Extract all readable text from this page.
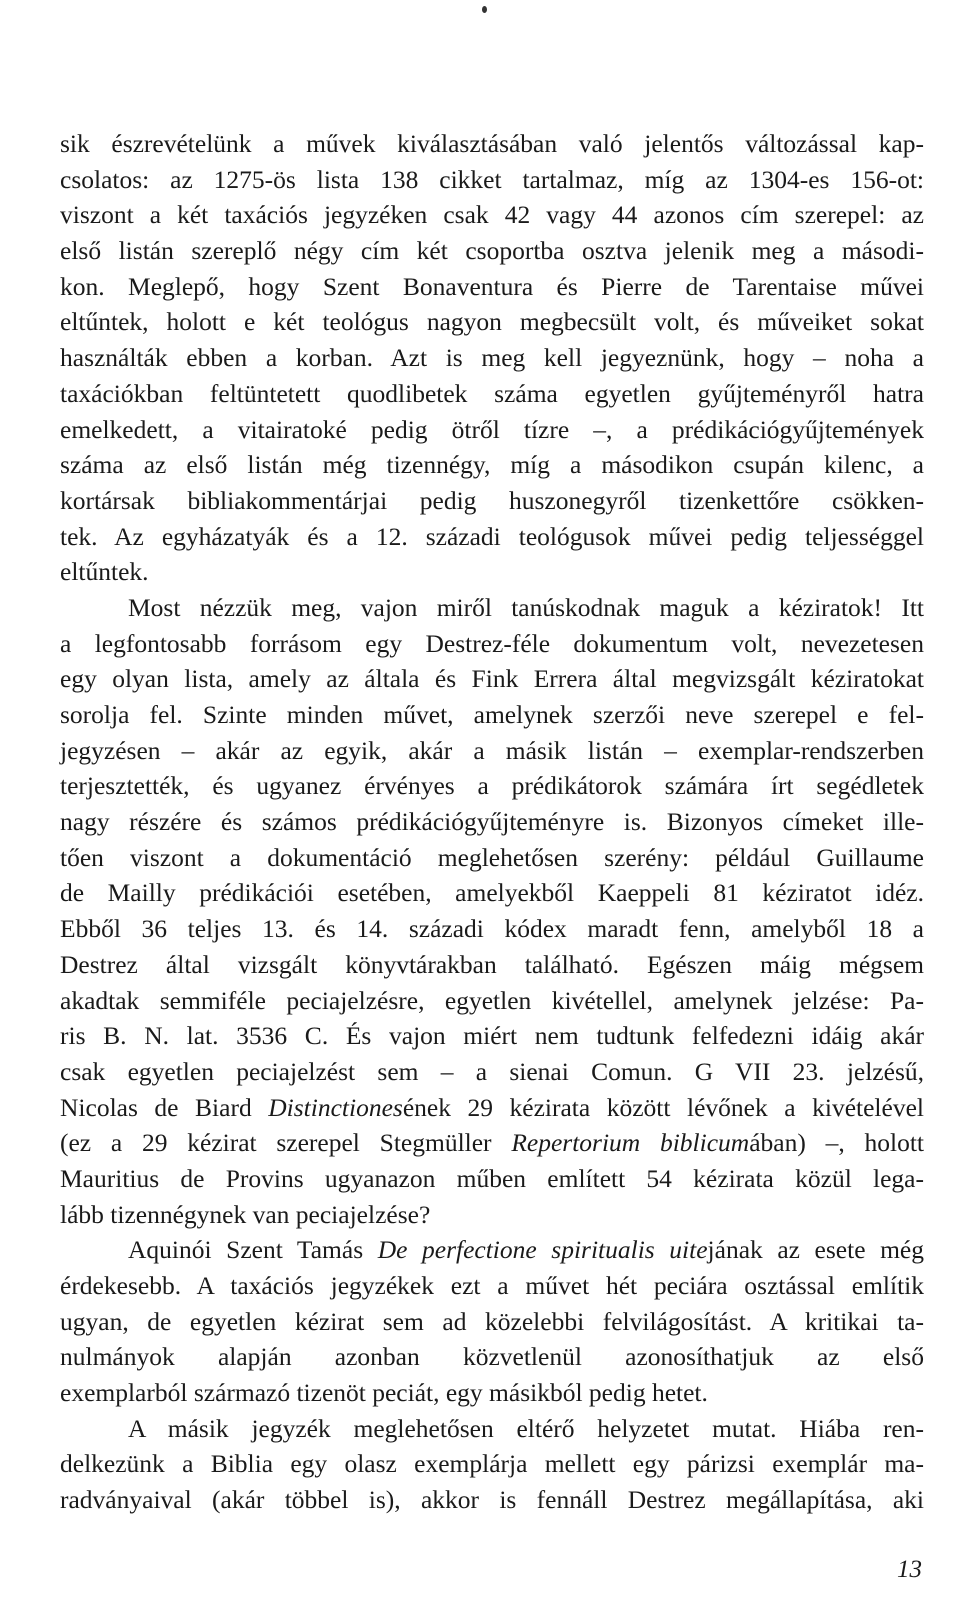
sik észrevételünk a művek kiválasztásában való jelentős változással kap-
csolatos: az 1275-ös lista 138 cikket tartalmaz, míg az 1304-es 156-ot:
viszont a két taxációs jegyzéken csak 42 vagy 44 azonos cím szerepel: az
első listán szereplő négy cím két csoportba osztva jelenik meg a másodi-
kon. Meglepő, hogy Szent Bonaventura és Pierre de Tarentaise művei
eltűntek, holott e két teológus nagyon megbecsült volt, és műveiket sokat
használták ebben a korban. Azt is meg kell jegyeznünk, hogy – noha a
taxációkban feltüntetett quodlibetek száma egyetlen gyűjteményről hatra
emelkedett, a vitairatoké pedig ötről tízre –, a prédikációgyűjtemények
száma az első listán még tizennégy, míg a másodikon csupán kilenc, a
kortársak bibliakommentárjai pedig huszonegyről tizenkettőre csökken-
tek. Az egyházatyák és a 12. századi teológusok művei pedig teljességgel
eltűntek.
Most nézzük meg, vajon miről tanúskodnak maguk a kéziratok! Itt
a legfontosabb forrásom egy Destrez-féle dokumentum volt, nevezetesen
egy olyan lista, amely az általa és Fink Errera által megvizsgált kéziratokat
sorolja fel. Szinte minden művet, amelynek szerzői neve szerepel e fel-
jegyzésen – akár az egyik, akár a másik listán – exemplar-rendszerben
terjesztették, és ugyanez érvényes a prédikátorok számára írt segédletek
nagy részére és számos prédikációgyűjteményre is. Bizonyos címeket ille-
tően viszont a dokumentáció meglehetősen szerény: például Guillaume
de Mailly prédikációi esetében, amelyekből Kaeppeli 81 kéziratot idéz.
Ebből 36 teljes 13. és 14. századi kódex maradt fenn, amelyből 18 a
Destrez által vizsgált könyvtárakban található. Egészen máig mégsem
akadtak semmiféle peciajelzésre, egyetlen kivétellel, amelynek jelzése: Pa-
ris B. N. lat. 3536 C. És vajon miért nem tudtunk felfedezni idáig akár
csak egyetlen peciajelzést sem – a sienai Comun. G VII 23. jelzésű,
Nicolas de Biard Distinctionesének 29 kézirata között lévőnek a kivételével
(ez a 29 kézirat szerepel Stegmüller Repertorium biblicumában) –, holott
Mauritius de Provins ugyanazon műben említett 54 kézirata közül lega-
lább tizennégynek van peciajelzése?
Aquinói Szent Tamás De perfectione spiritualis uitejának az esete még
érdekesebb. A taxációs jegyzékek ezt a művet hét peciára osztással említik
ugyan, de egyetlen kézirat sem ad közelebbi felvilágosítást. A kritikai ta-
nulmányok alapján azonban közvetlenül azonosíthatjuk az első
exemplarból származó tizenöt peciát, egy másikból pedig hetet.
A másik jegyzék meglehetősen eltérő helyzetet mutat. Hiába ren-
delkezünk a Biblia egy olasz exemplárja mellett egy párizsi exemplár ma-
radványaival (akár többel is), akkor is fennáll Destrez megállapítása, aki
13
